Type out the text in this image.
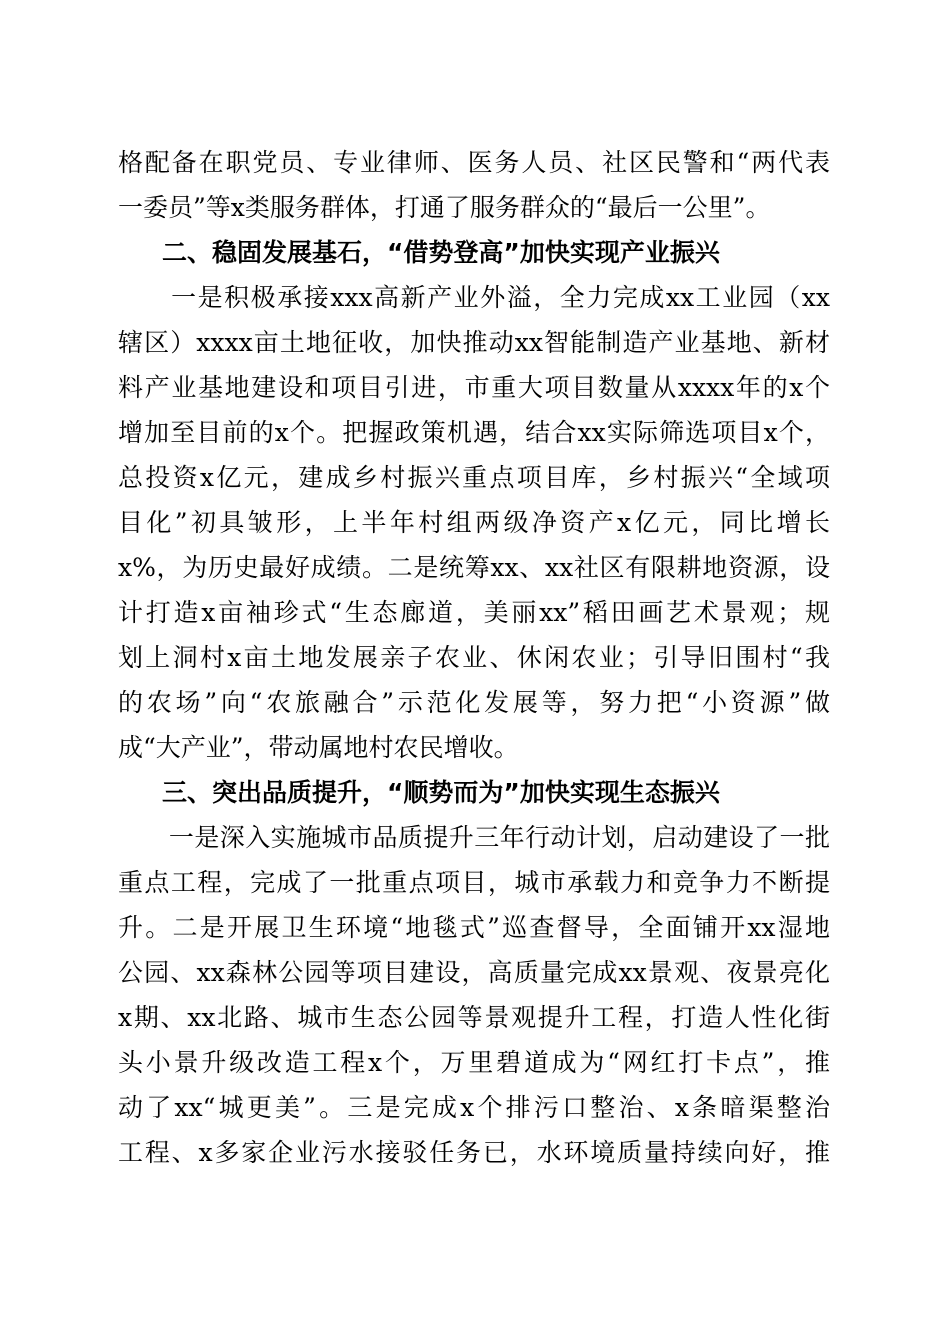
格配备在职党员、专业律师、医务人员、社区民警和“两代表
一委员”等x类服务群体，打通了服务群众的“最后一公里”。
二、稳固发展基石，“借势登高”加快实现产业振兴
　　一是积极承接xxx高新产业外溢，全力完成xx工业园（xx
辖区）xxxx亩土地征收，加快推动xx智能制造产业基地、新材
料产业基地建设和项目引进，市重大项目数量从xxxx年的x个
增加至目前的x个。把握政策机遇，结合xx实际筛选项目x个，
总投资x亿元，建成乡村振兴重点项目库，乡村振兴“全域项
目化”初具皱形，上半年村组两级净资产x亿元，同比增长
x%，为历史最好成绩。二是统筹xx、xx社区有限耕地资源，设
计打造x亩袖珍式“生态廊道，美丽xx”稻田画艺术景观；规
划上洞村x亩土地发展亲子农业、休闲农业；引导旧围村“我
的农场”向“农旅融合”示范化发展等，努力把“小资源”做
成“大产业”，带动属地村农民增收。
三、突出品质提升，“顺势而为”加快实现生态振兴
　　一是深入实施城市品质提升三年行动计划，启动建设了一批
重点工程，完成了一批重点项目，城市承载力和竞争力不断提
升。二是开展卫生环境“地毯式”巡查督导，全面铺开xx湿地
公园、xx森林公园等项目建设，高质量完成xx景观、夜景亮化
x期、xx北路、城市生态公园等景观提升工程，打造人性化街
头小景升级改造工程x个，万里碧道成为“网红打卡点”，推
动了xx“城更美”。三是完成x个排污口整治、x条暗渠整治
工程、x多家企业污水接驳任务已，水环境质量持续向好，推
